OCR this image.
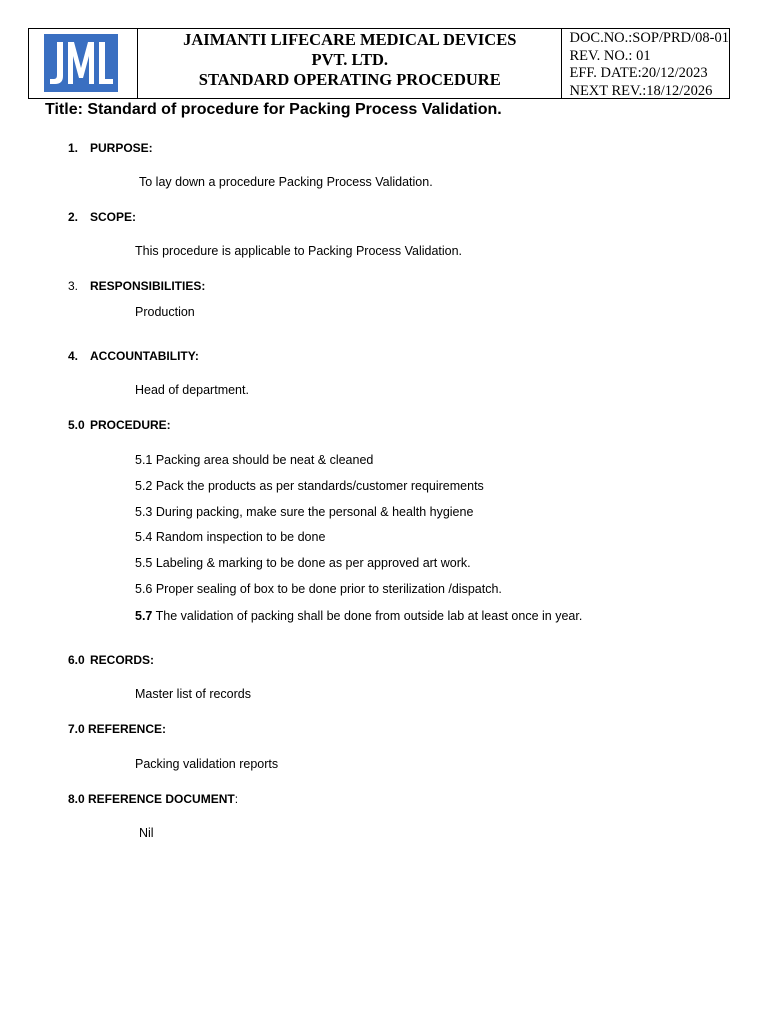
JML
JAIMANTI LIFECARE MEDICAL DEVICES
PVT. LTD.
STANDARD OPERATING PROCEDURE
DOC.NO.:SOP/PRD/08-01
REV. NO.: 01
EFF. DATE:20/12/2023
NEXT REV.:18/12/2026
Title: Standard of procedure for Packing Process Validation.
1. PURPOSE:
To lay down a procedure Packing Process Validation.
2. SCOPE:
This procedure is applicable to Packing Process Validation.
3. RESPONSIBILITIES:
Production
4. ACCOUNTABILITY:
Head of department.
5.0 PROCEDURE:
5.1 Packing area should be neat & cleaned
5.2 Pack the products as per standards/customer requirements
5.3 During packing, make sure the personal & health hygiene
5.4 Random inspection to be done
5.5 Labeling & marking to be done as per approved art work.
5.6 Proper sealing of box to be done prior to sterilization /dispatch.
5.7 The validation of packing shall be done from outside lab at least once in year.
6.0 RECORDS:
Master list of records
7.0 REFERENCE:
Packing validation reports
8.0 REFERENCE DOCUMENT:
Nil
